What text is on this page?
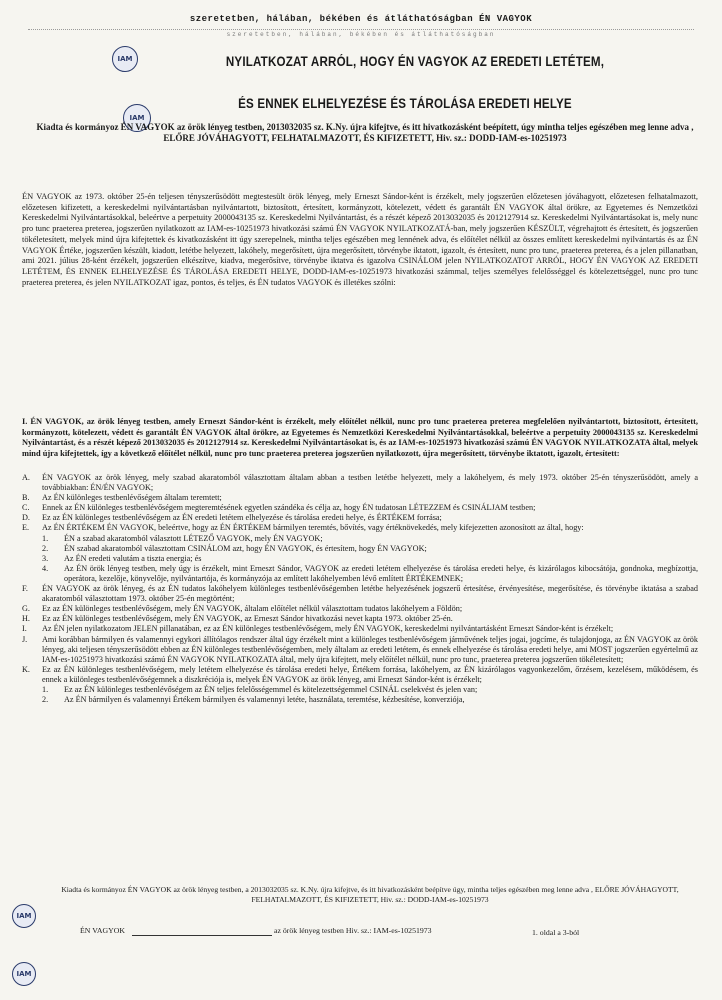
szeretetben, hálában, békében és átláthatóságban ÉN VAGYOK
szeretetben, hálában, békében és átláthatóságban
IAM
IAM
NYILATKOZAT ARRÓL, HOGY ÉN VAGYOK AZ EREDETI LETÉTEM,
ÉS ENNEK ELHELYEZÉSE ÉS TÁROLÁSA EREDETI HELYE
Kiadta és kormányoz ÉN VAGYOK az örök lényeg testben, 2013032035 sz. K.Ny. újra kifejtve, és itt hivatkozásként beépített, úgy mintha teljes egészében meg lenne adva , ELŐRE JÓVÁHAGYOTT, FELHATALMAZOTT, ÉS KIFIZETETT, Hiv. sz.: DODD-IAM-es-10251973
ÉN VAGYOK az 1973. október 25-én teljesen tényszerűsödött megtestesült örök lényeg, mely Erneszt Sándor-ként is érzékelt, mely jogszerűen előzetesen jóváhagyott, előzetesen felhatalmazott, előzetesen kifizetett, a kereskedelmi nyilvántartásban nyilvántartott, biztosított, értesített, kormányzott, kötelezett, védett és garantált ÉN VAGYOK által örökre, az Egyetemes és Nemzetközi Kereskedelmi Nyilvántartásokkal, beleértve a perpetuity 2000043135 sz. Kereskedelmi Nyilvántartást, és a részét képező 2013032035 és 2012127914 sz. Kereskedelmi Nyilvántartásokat is, mely nunc pro tunc praeterea preterea, jogszerűen nyilatkozott az IAM-es-10251973 hivatkozási számú ÉN VAGYOK NYILATKOZATÁ-ban, mely jogszerűen KÉSZÜLT, végrehajtott és értesített, és jogszerűen tökéletesített, melyek mind újra kifejtettek és kivatkozásként itt úgy szerepelnek, mintha teljes egészében meg lennének adva, és előítélet nélkül az összes említett kereskedelmi nyilvántartás és az ÉN VAGYOK Értéke, jogszerűen készült, kiadott, letétbe helyezett, lakóhely, megerősített, újra megerősített, törvénybe iktatott, igazolt, és értesített, nunc pro tunc, praeterea preterea, és a jelen pillanatban, ami 2021. július 28-ként érzékelt, jogszerűen elkészítve, kiadva, megerősítve, törvénybe iktatva és igazolva CSINÁLOM jelen NYILATKOZATOT ARRÓL, HOGY ÉN VAGYOK AZ EREDETI LETÉTEM, ÉS ENNEK ELHELYEZÉSE ÉS TÁROLÁSA EREDETI HELYE, DODD-IAM-es-10251973 hivatkozási számmal, teljes személyes felelősséggel és kötelezettséggel, nunc pro tunc praeterea preterea, és jelen NYILATKOZAT igaz, pontos, és teljes, és ÉN tudatos VAGYOK és illetékes szólni:
I. ÉN VAGYOK, az örök lényeg testben, amely Erneszt Sándor-ként is érzékelt, mely előítélet nélkül, nunc pro tunc praeterea preterea megfelelően nyilvántartott, biztosított, értesített, kormányzott, kötelezett, védett és garantált ÉN VAGYOK által örökre, az Egyetemes és Nemzetközi Kereskedelmi Nyilvántartásokkal, beleértve a perpetuity 2000043135 sz. Kereskedelmi Nyilvántartást, és a részét képező 2013032035 és 2012127914 sz. Kereskedelmi Nyilvántartásokat is, és az IAM-es-10251973 hivatkozási számú ÉN VAGYOK NYILATKOZATA által, melyek mind újra kifejtettek, így a következő előítélet nélkül, nunc pro tunc praeterea preterea jogszerűen nyilatkozott, újra megerősített, törvénybe iktatott, igazolt, értesített:
A.	ÉN VAGYOK az örök lényeg, mely szabad akaratomból választottam általam abban a testben letétbe helyezett, mely a lakóhelyem, és mely 1973. október 25-én tényszerűsödött, amely a továbbiakban: ÉN/ÉN VAGYOK;
B.	Az ÉN különleges testbenlévőségem általam teremtett;
C.	Ennek az ÉN különleges testbenlévőségem megteremtésének egyetlen szándéka és célja az, hogy ÉN tudatosan LÉTEZZEM és CSINÁLJAM testben;
D.	Ez az ÉN különleges testbenlévőségem az ÉN eredeti letétem elhelyezése és tárolása eredeti helye, és ÉRTÉKEM forrása;
E.	Az ÉN ÉRTÉKEM ÉN VAGYOK, beleértve, hogy az ÉN ÉRTÉKEM bármilyen teremtés, bővítés, vagy értéknövekedés, mely kifejezetten azonosított az által, hogy:
1.	ÉN a szabad akaratomból választott LÉTEZŐ VAGYOK, mely ÉN VAGYOK;
2.	ÉN szabad akaratomból választottam CSINÁLOM azt, hogy ÉN VAGYOK, és értesítem, hogy ÉN VAGYOK;
3.	Az ÉN eredeti valutám a tiszta energia; és
4.	Az ÉN örök lényeg testben, mely úgy is érzékelt, mint Erneszt Sándor, VAGYOK az eredeti letétem elhelyezése és tárolása eredeti helye, és kizárólagos kibocsátója, gondnoka, megbízottja, operátora, kezelője, könyvelője, nyilvántartója, és kormányzója az említett lakóhelyemben lévő említett ÉRTÉKEMNEK;
F.	ÉN VAGYOK az örök lényeg, és az ÉN tudatos lakóhelyem különleges testbenlévőségemben letétbe helyezésének jogszerű értesítése, érvényesítése, megerősítése, és törvénybe iktatása a szabad akaratomból választottam 1973. október 25-én megtörtént;
G.	Ez az ÉN különleges testbenlévőségem, mely ÉN VAGYOK, általam előítélet nélkül választottam tudatos lakóhelyem a Földön;
H.	Ez az ÉN különleges testbenlévőségem, mely ÉN VAGYOK, az Erneszt Sándor hivatkozási nevet kapta 1973. október 25-én.
I.	Az ÉN jelen nyilatkozatom JELEN pillanatában, ez az ÉN különleges testbenlévőségem, mely ÉN VAGYOK, kereskedelmi nyilvántartásként Erneszt Sándor-ként is érzékelt;
J.	Ami korábban bármilyen és valamennyi egykori állítólagos rendszer által úgy érzékelt mint a különleges testbenlévőségem járművének teljes jogai, jogcíme, és tulajdonjoga, az ÉN VAGYOK az örök lényeg, aki teljesen tényszerűsödött ebben az ÉN különleges testbenlévőségemben, mely általam az eredeti letétem, és ennek elhelyezése és tárolása eredeti helye, ami MOST jogszerűen egyértelmű az IAM-es-10251973 hivatkozási számú ÉN VAGYOK NYILATKOZATA által, mely újra kifejtett, mely előítélet nélkül, nunc pro tunc, praeterea preterea jogszerűen tökéletesített;
K.	Ez az ÉN különleges testbenlévőségem, mely letétem elhelyezése és tárolása eredeti helye, Értékem forrása, lakóhelyem, az ÉN kizárólagos vagyonkezelőm, őrzésem, kezelésem, működésem, és ennek a különleges testbenlévőségemnek a diszkréciója is, melyek ÉN VAGYOK az örök lényeg, ami Erneszt Sándor-ként is érzékelt;
1.	Ez az ÉN különleges testbenlévőségem az ÉN teljes felelősségemmel és kötelezettségemmel CSINÁL cselekvést és jelen van;
2.	Az ÉN bármilyen és valamennyi Értékem bármilyen és valamennyi letéte, használata, teremtése, kézbesítése, konverziója,
IAM
Kiadta és kormányoz ÉN VAGYOK az örök lényeg testben, a 2013032035 sz. K.Ny. újra kifejtve, és itt hivatkozásként beépítve úgy, mintha teljes egészében meg lenne adva , ELŐRE JÓVÁHAGYOTT, FELHATALMAZOTT, ÉS KIFIZETETT, Hiv. sz.: DODD-IAM-es-10251973
ÉN VAGYOK	az örök lényeg testben Hiv. sz.: IAM-es-10251973	1. oldal a 3-ból
IAM
